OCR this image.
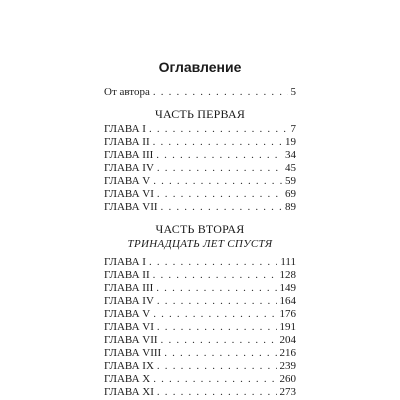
Оглавление
От автора . . .	5
ЧАСТЬ ПЕРВАЯ
ГЛАВА I . . .	7
ГЛАВА II . . .	19
ГЛАВА III . . .	34
ГЛАВА IV . . .	45
ГЛАВА V . . .	59
ГЛАВА VI . . .	69
ГЛАВА VII . . .	89
ЧАСТЬ ВТОРАЯ
ТРИНАДЦАТЬ ЛЕТ СПУСТЯ
ГЛАВА I . . .	111
ГЛАВА II . . .	128
ГЛАВА III . . .	149
ГЛАВА IV . . .	164
ГЛАВА V . . .	176
ГЛАВА VI . . .	191
ГЛАВА VII . . .	204
ГЛАВА VIII . . .	216
ГЛАВА IX . . .	239
ГЛАВА X . . .	260
ГЛАВА XI . . .	273
